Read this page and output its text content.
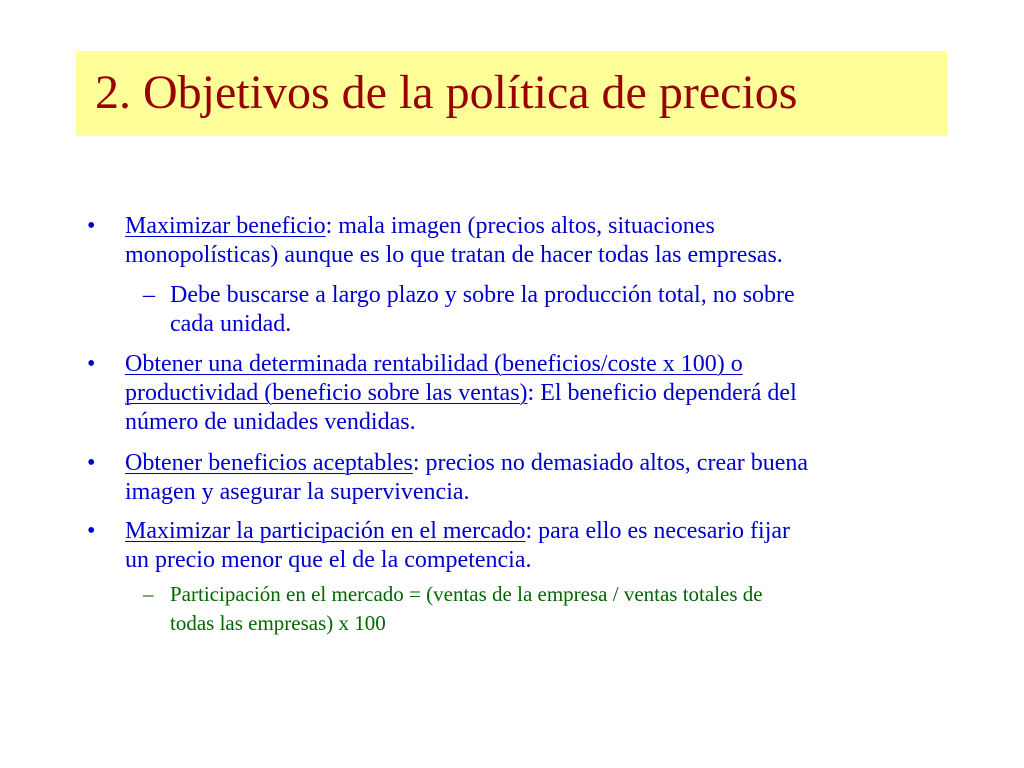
2. Objetivos de la política de precios
• Maximizar beneficio: mala imagen (precios altos, situaciones
monopolísticas) aunque es lo que tratan de hacer todas las empresas.
– Debe buscarse a largo plazo y sobre la producción total, no sobre
cada unidad.
• Obtener una determinada rentabilidad (beneficios/coste x 100) o
productividad (beneficio sobre las ventas): El beneficio dependerá del
número de unidades vendidas.
• Obtener beneficios aceptables: precios no demasiado altos, crear buena
imagen y asegurar la supervivencia.
• Maximizar la participación en el mercado: para ello es necesario fijar
un precio menor que el de la competencia.
– Participación en el mercado = (ventas de la empresa / ventas totales de
todas las empresas) x 100
